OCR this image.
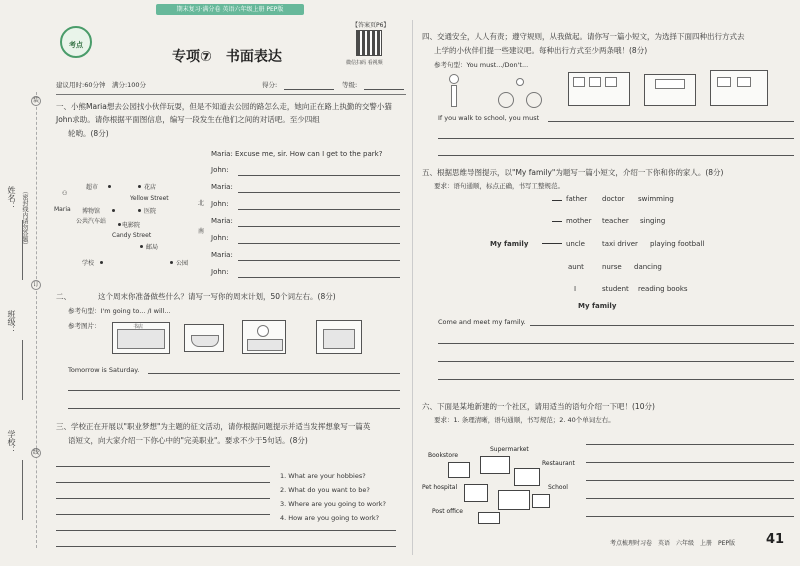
姓名： （密封线内请勿答题）
班级：
学校：
装
订
线
期末复习·满分卷 英语六年级上册 PEP版
考点
专项⑦　书面表达
【答案页P6】
微信扫码 看视频
建议用时:60分钟　满分:100分	得分:	等级:
一、小熊Maria想去公园找小伙伴玩耍，但是不知道去公园的路怎么走，她向正在路上执勤的交警小猫John求助。请你根据平面图信息，编写一段发生在他们之间的对话吧。至少四组
轮哟。(8分)
超市	花店
Yellow Street
Maria
⚇
博物馆	医院
公共汽车站
电影院
Candy Street
邮局
学校	公园
北
南
Maria: Excuse me, sir. How can I get to the park?
John:
Maria:
John:
Maria:
John:
Maria:
John:
二、	这个周末你准备做些什么？请写一写你的周末计划，50个词左右。(8分)
参考句型：I'm going to... /I will...
参考图片：	书店
Tomorrow is Saturday.
三、学校正在开展以"职业梦想"为主题的征文活动，请你根据问题提示并适当发挥想象写一篇英
语短文，向大家介绍一下你心中的"完美职业"。要求不少于5句话。(8分)
1. What are your hobbies?
2. What do you want to be?
3. Where are you going to work?
4. How are you going to work?
四、交通安全，人人有责；遵守规则，从我做起。请你写一篇小短文，为选择下面四种出行方式去
上学的小伙伴们提一些建议吧。每种出行方式至少两条哦！(8分)
参考句型：You must.../Don't...
If you walk to school, you must
五、根据思维导图提示，以"My family"为题写一篇小短文，介绍一下你和你的家人。(8分)
要求：语句通顺，标点正确，书写工整规范。
My family
father doctor swimming
mother teacher singing
uncle taxi driver playing football
aunt	nurse dancing
I	student reading books
My family
Come and meet my family.
六、下面是某地新建的一个社区，请用适当的语句介绍一下吧！(10分)
要求：1. 条理清晰，语句通顺，书写规范；2. 40个单词左右。
Bookstore
Supermarket
Restaurant
Pet hospital	School
Post office
考点梳理时习卷　英语　六年级　上册　PEP版 41
